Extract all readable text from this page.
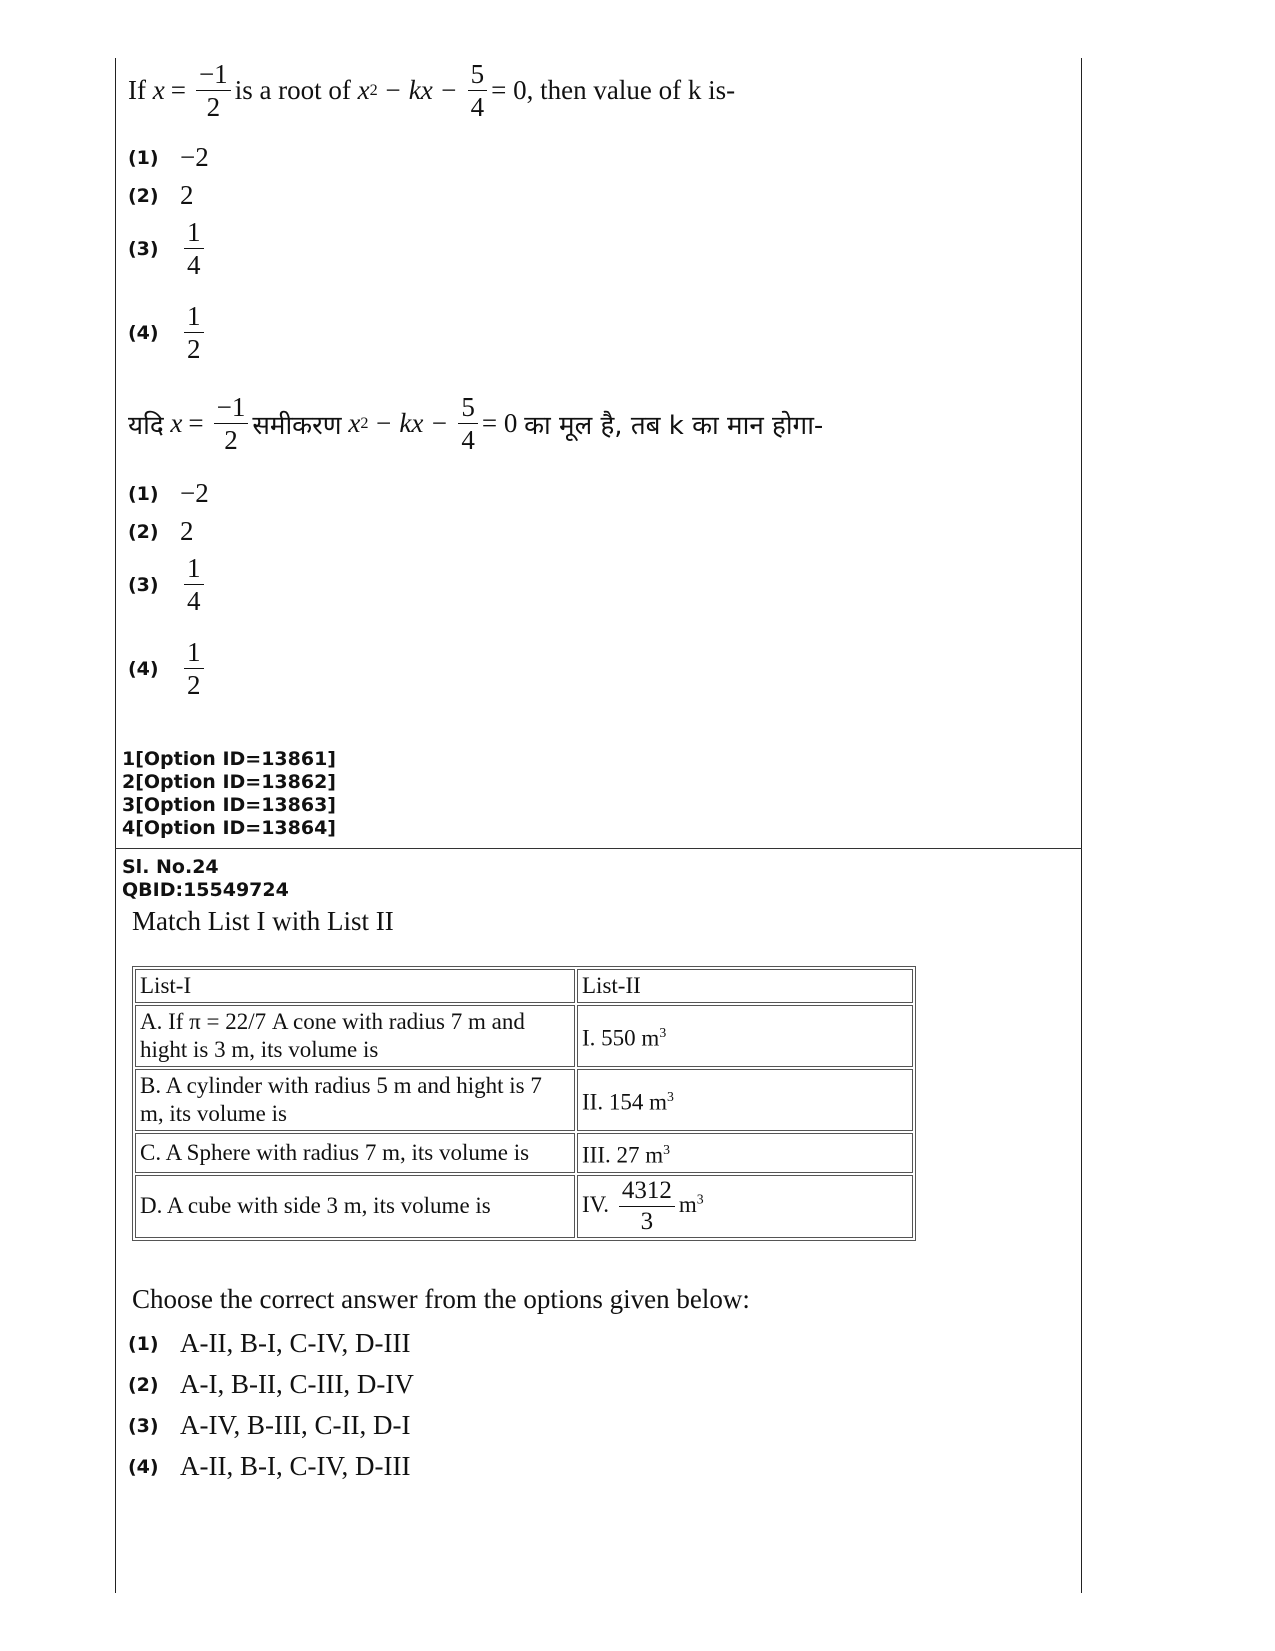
If
$x = \frac{-1}{2}$ is a root of
x 2 − kx − $\frac{5}{4} = 0$ , then value of k is-
(1) −2
(2) 2
$(3) \frac{1}{4}$
$(4) \frac{1}{2}$
यदि
$x = \frac{-1}{2}$ समीकरण
x 2 − kx − $\frac{5}{4} = 0$
का मूल है, तब k का मान होगा-
(1) −2
(2) 2
$(3) \frac{1}{4}$
$(4) \frac{1}{2}$
1[Option ID=13861]
2[Option ID=13862]
3[Option ID=13863]
4[Option ID=13864]
Sl. No.24
QBID:15549724
Match List I with List II
List-I	List-II
A. If π = 22/7 A cone with radius 7 m and hight is 3 m, its volume is	I. 550 $m^3$
B. A cylinder with radius 5 m and hight is 7 m, its volume is	II. 154 $m^3$
C. A Sphere with radius 7 m, its volume is	III. 27 $m^3$
D. A cube with side 3 m, its volume is	IV. $\frac{4312}{3} m^3$
Choose the correct answer from the options given below:
(1) A-II, B-I, C-IV, D-III
(2) A-I, B-II, C-III, D-IV
(3) A-IV, B-III, C-II, D-I
(4) A-II, B-I, C-IV, D-III
